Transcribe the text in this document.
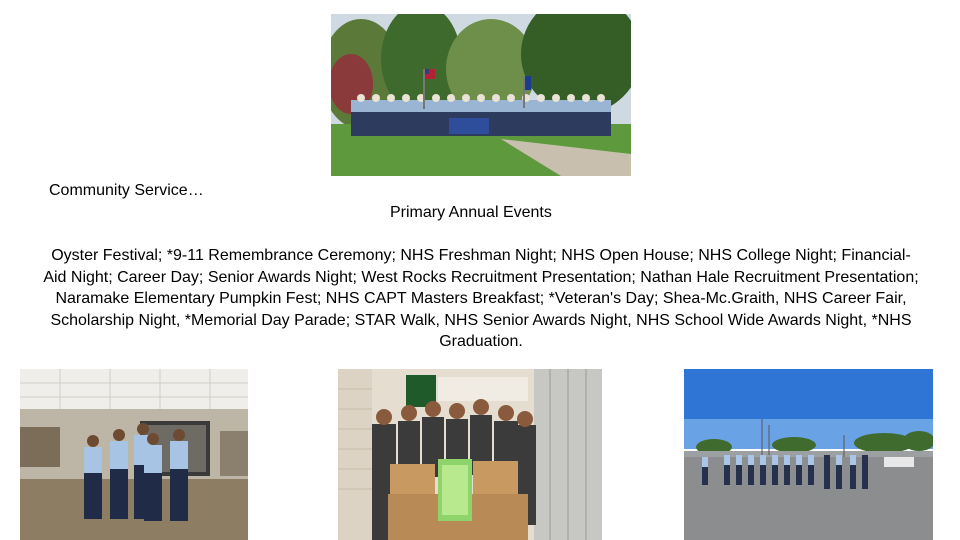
Community Service…
Primary Annual Events
Oyster Festival; *9-11 Remembrance Ceremony; NHS Freshman Night; NHS Open House; NHS College Night; Financial-Aid Night; Career Day; Senior Awards Night; West Rocks Recruitment Presentation; Nathan Hale Recruitment Presentation; Naramake Elementary Pumpkin Fest; NHS CAPT Masters Breakfast; *Veteran's Day; Shea-Mc.Graith, NHS Career Fair, Scholarship Night, *Memorial Day Parade; STAR Walk, NHS Senior Awards Night, NHS School Wide Awards Night, *NHS Graduation.
